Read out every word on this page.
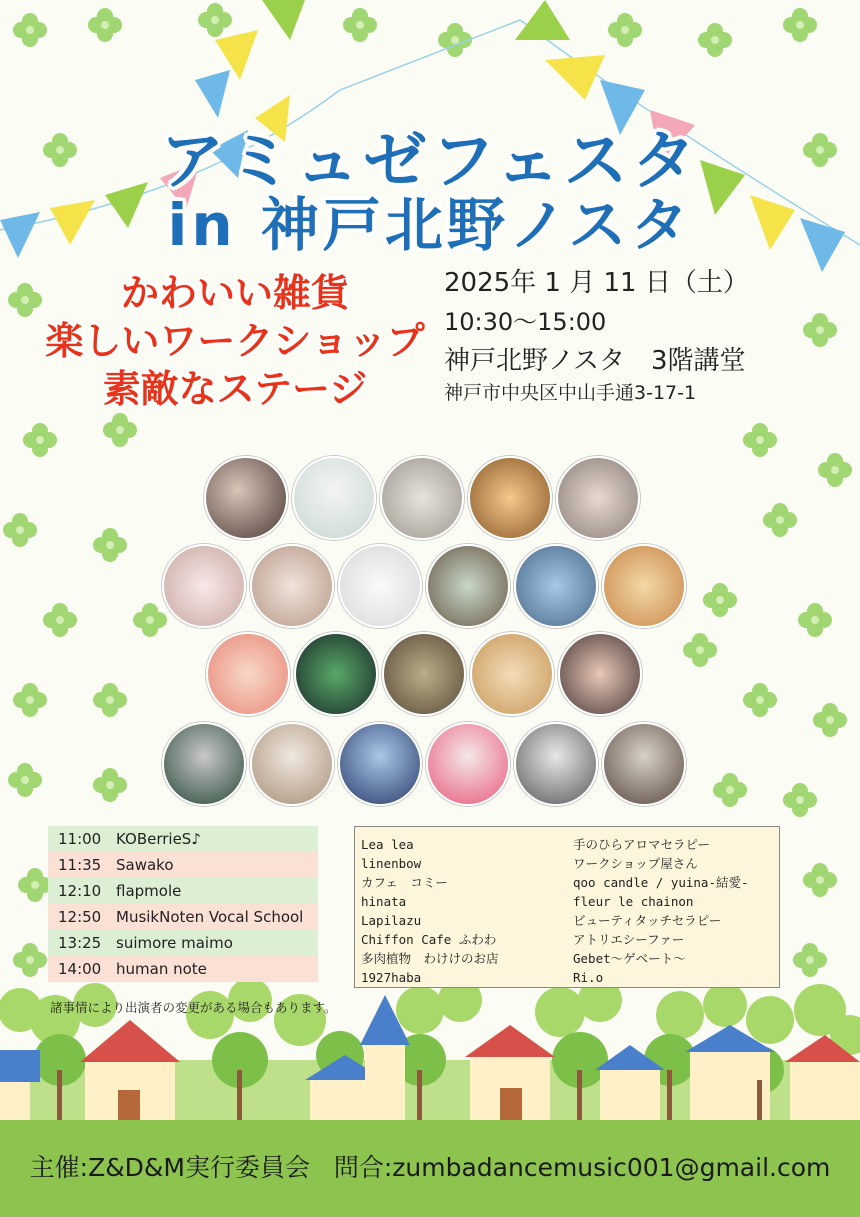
アミュゼフェスタ
in 神戸北野ノスタ
かわいい雑貨
楽しいワークショップ
素敵なステージ
2025年 1 月 11 日（土）
10:30～15:00
神戸北野ノスタ　3階講堂
神戸市中央区中山手通3-17-1
11:00 KOBerrieS♪
11:35 Sawako
12:10 flapmole
12:50 MusikNoten Vocal School
13:25 suimore maimo
14:00 human note
Lea lea
linenbow
カフェ　コミー
hinata
Lapilazu
Chiffon Cafe ふわわ
多肉植物　わけけのお店
1927haba
手のひらアロマセラピー
ワークショップ屋さん
qoo candle / yuina-結愛-
fleur le chainon
ビューティタッチセラピー
アトリエシーファー
Gebet～ゲベート～
Ri.o
諸事情により出演者の変更がある場合もあります。
主催:Z&D&M実行委員会 問合:zumbadancemusic001@gmail.com
